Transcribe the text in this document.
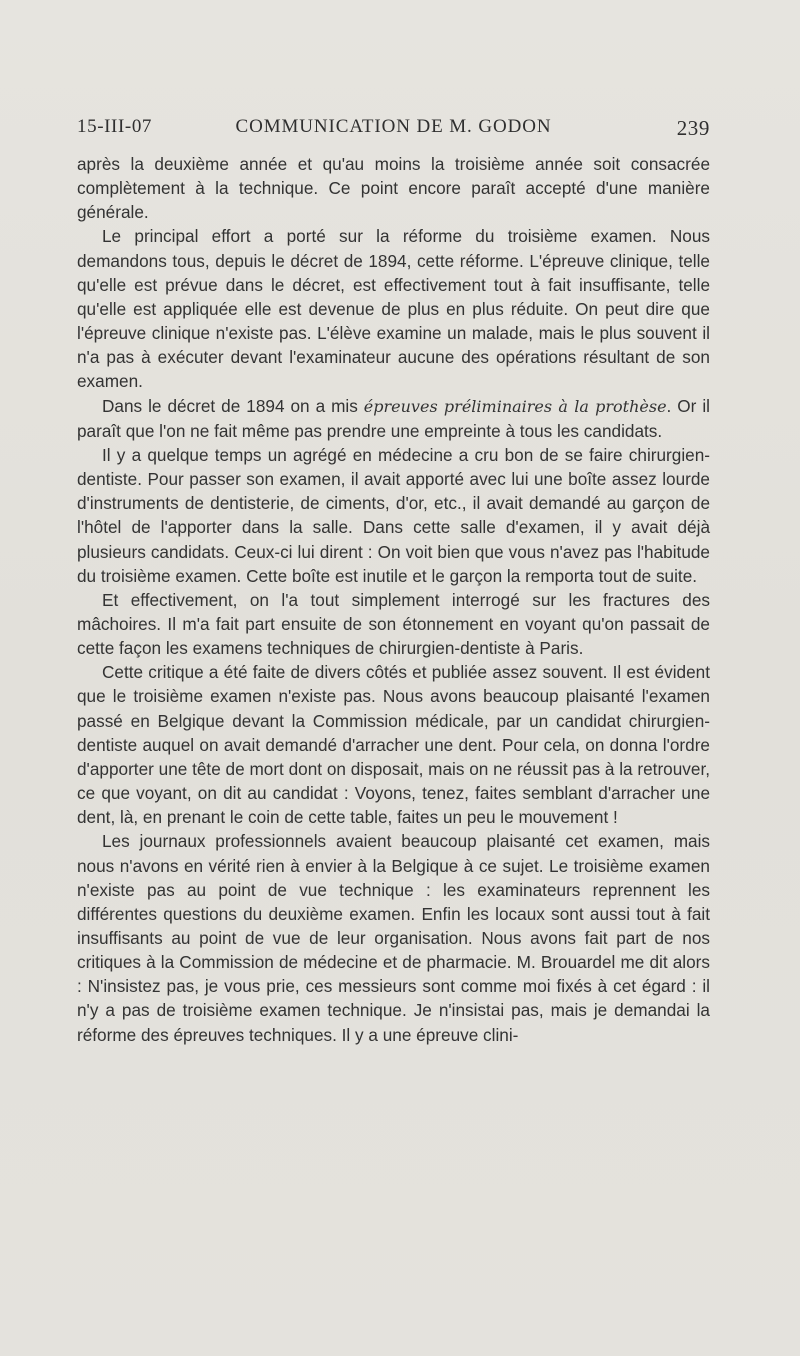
15-III-07	COMMUNICATION DE M. GODON	239

après la deuxième année et qu'au moins la troisième année soit consacrée complètement à la technique. Ce point encore paraît accepté d'une manière générale.

Le principal effort a porté sur la réforme du troisième examen. Nous demandons tous, depuis le décret de 1894, cette réforme. L'épreuve clinique, telle qu'elle est prévue dans le décret, est effectivement tout à fait insuffisante, telle qu'elle est appliquée elle est devenue de plus en plus réduite. On peut dire que l'épreuve clinique n'existe pas. L'élève examine un malade, mais le plus souvent il n'a pas à exécuter devant l'examinateur aucune des opérations résultant de son examen.

Dans le décret de 1894 on a mis épreuves préliminaires à la prothèse. Or il paraît que l'on ne fait même pas prendre une empreinte à tous les candidats.

Il y a quelque temps un agrégé en médecine a cru bon de se faire chirurgien-dentiste. Pour passer son examen, il avait apporté avec lui une boîte assez lourde d'instruments de dentisterie, de ciments, d'or, etc., il avait demandé au garçon de l'hôtel de l'apporter dans la salle. Dans cette salle d'examen, il y avait déjà plusieurs candidats. Ceux-ci lui dirent : On voit bien que vous n'avez pas l'habitude du troisième examen. Cette boîte est inutile et le garçon la remporta tout de suite.

Et effectivement, on l'a tout simplement interrogé sur les fractures des mâchoires. Il m'a fait part ensuite de son étonnement en voyant qu'on passait de cette façon les examens techniques de chirurgien-dentiste à Paris.

Cette critique a été faite de divers côtés et publiée assez souvent. Il est évident que le troisième examen n'existe pas. Nous avons beaucoup plaisanté l'examen passé en Belgique devant la Commission médicale, par un candidat chirurgien-dentiste auquel on avait demandé d'arracher une dent. Pour cela, on donna l'ordre d'apporter une tête de mort dont on disposait, mais on ne réussit pas à la retrouver, ce que voyant, on dit au candidat : Voyons, tenez, faites semblant d'arracher une dent, là, en prenant le coin de cette table, faites un peu le mouvement !

Les journaux professionnels avaient beaucoup plaisanté cet examen, mais nous n'avons en vérité rien à envier à la Belgique à ce sujet. Le troisième examen n'existe pas au point de vue technique : les examinateurs reprennent les différentes questions du deuxième examen. Enfin les locaux sont aussi tout à fait insuffisants au point de vue de leur organisation. Nous avons fait part de nos critiques à la Commission de médecine et de pharmacie. M. Brouardel me dit alors : N'insistez pas, je vous prie, ces messieurs sont comme moi fixés à cet égard : il n'y a pas de troisième examen technique. Je n'insistai pas, mais je demandai la réforme des épreuves techniques. Il y a une épreuve clini-
